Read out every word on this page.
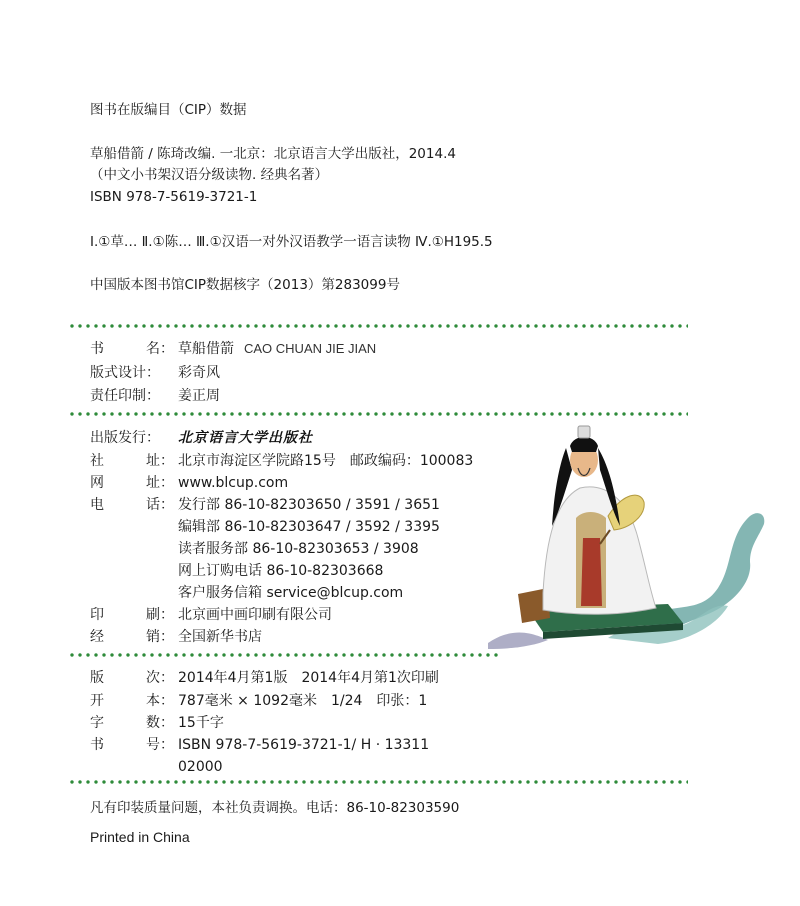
图书在版编目（CIP）数据
草船借箭 / 陈琦改编. 一北京：北京语言大学出版社，2014.4
（中文小书架汉语分级读物. 经典名著）
ISBN 978-7-5619-3721-1
Ⅰ.①草… Ⅱ.①陈… Ⅲ.①汉语一对外汉语教学一语言读物 Ⅳ.①H195.5
中国版本图书馆CIP数据核字（2013）第283099号
书	名： 草船借箭 CAO CHUAN JIE JIAN
版式设计： 彩奇风
责任印制： 姜正周
出版发行： 北京语言大学出版社
社	址： 北京市海淀区学院路15号　邮政编码：100083
网	址： www.blcup.com
电	话： 发行部 86-10-82303650 / 3591 / 3651
编辑部 86-10-82303647 / 3592 / 3395
读者服务部 86-10-82303653 / 3908
网上订购电话 86-10-82303668
客户服务信箱 service@blcup.com
印	刷： 北京画中画印刷有限公司
经	销： 全国新华书店
版	次： 2014年4月第1版　2014年4月第1次印刷
开	本： 787毫米 × 1092毫米　1/24　印张：1
字	数： 15千字
书	号： ISBN 978-7-5619-3721-1/ H · 13311
02000
凡有印装质量问题，本社负责调换。电话：86-10-82303590
Printed in China
